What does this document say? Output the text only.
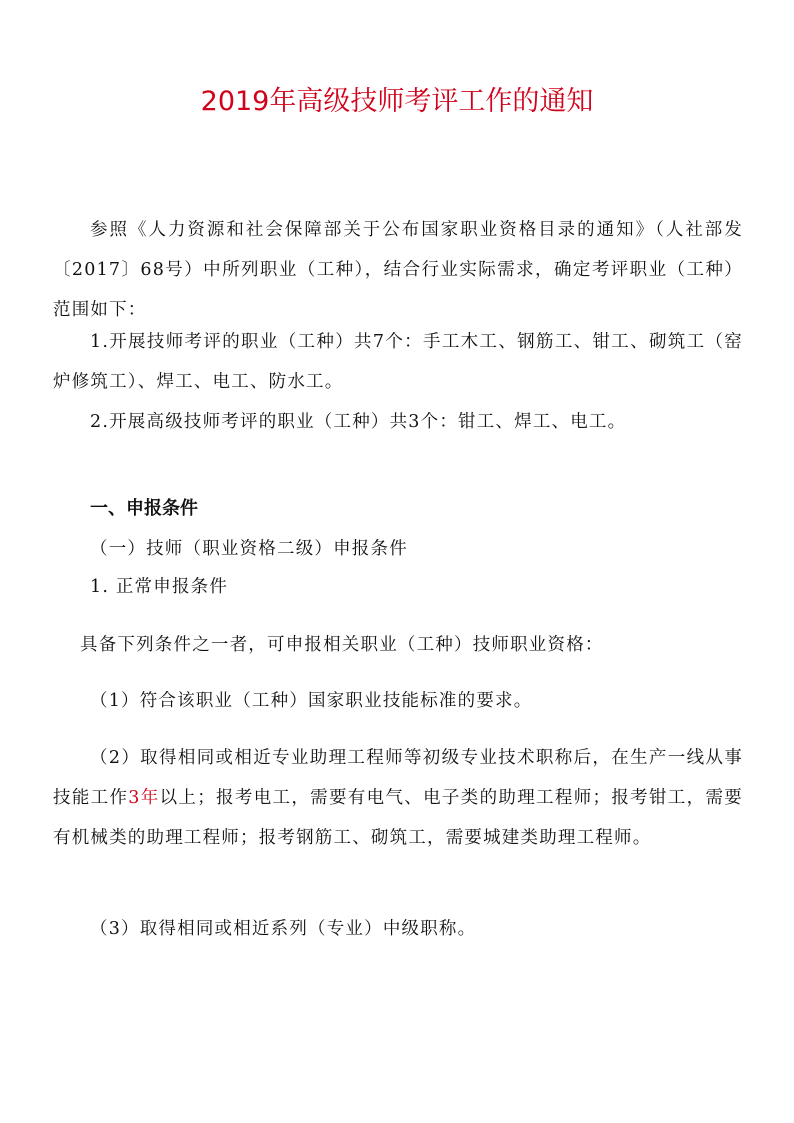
2019年高级技师考评工作的通知

参照《人力资源和社会保障部关于公布国家职业资格目录的通知》（人社部发〔2017〕68号）中所列职业（工种），结合行业实际需求，确定考评职业（工种）范围如下：

1.开展技师考评的职业（工种）共7个：手工木工、钢筋工、钳工、砌筑工（窑炉修筑工）、焊工、电工、防水工。

2.开展高级技师考评的职业（工种）共3个：钳工、焊工、电工。

一、申报条件
（一）技师（职业资格二级）申报条件
1. 正常申报条件
具备下列条件之一者，可申报相关职业（工种）技师职业资格：
（1）符合该职业（工种）国家职业技能标准的要求。

（2）取得相同或相近专业助理工程师等初级专业技术职称后，在生产一线从事技能工作3年以上；报考电工，需要有电气、电子类的助理工程师；报考钳工，需要有机械类的助理工程师；报考钢筋工、砌筑工，需要城建类助理工程师。

（3）取得相同或相近系列（专业）中级职称。
